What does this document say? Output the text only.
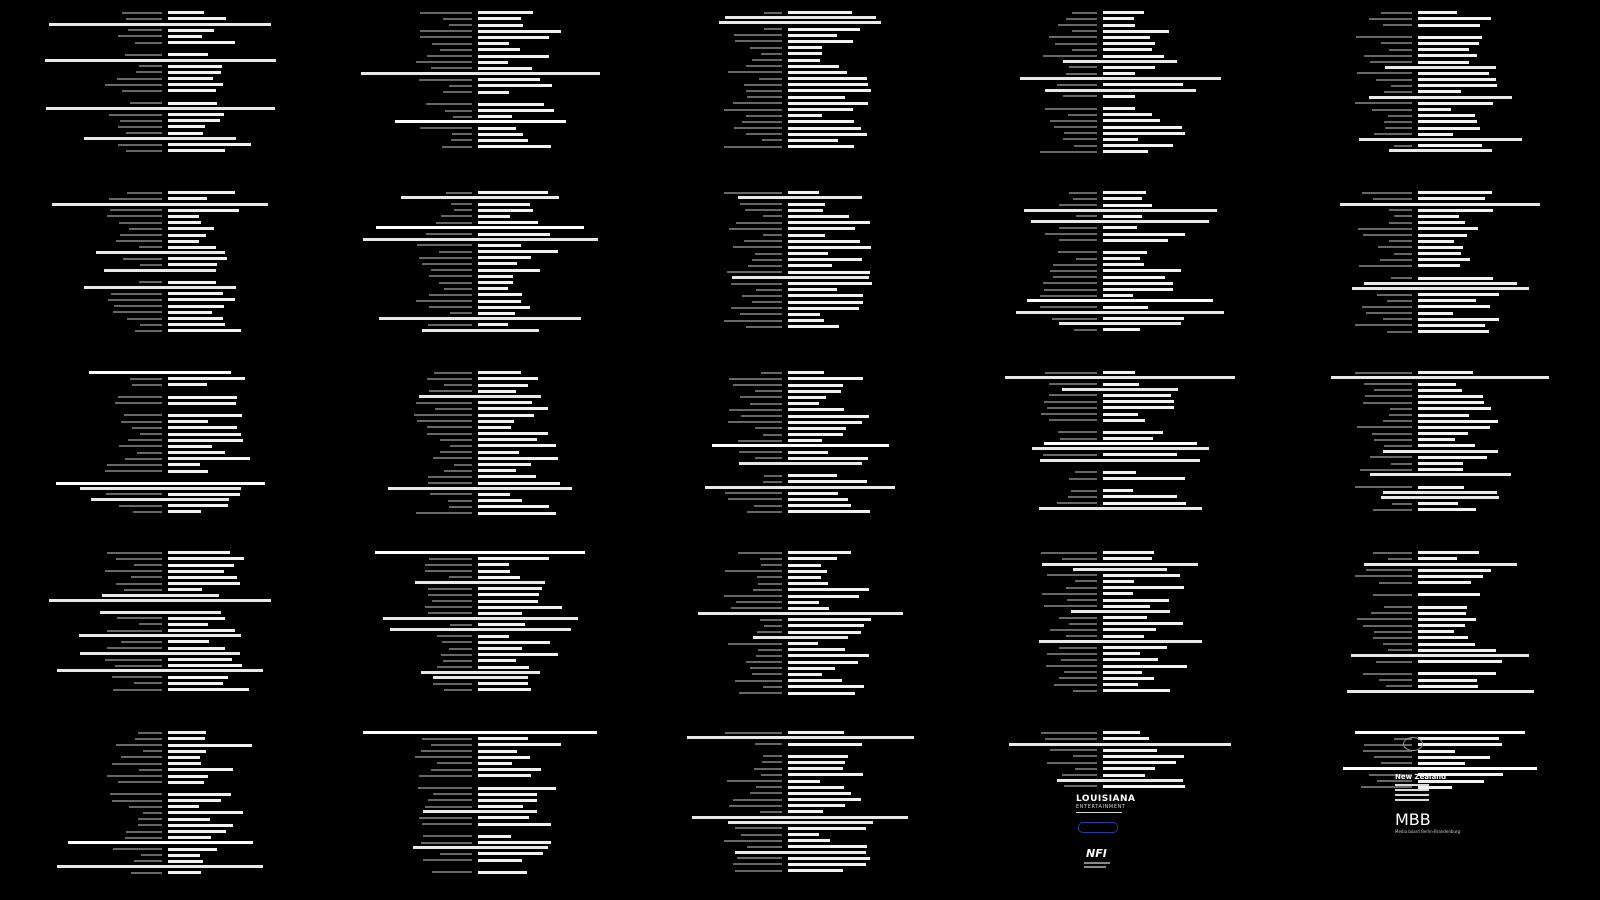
LOUISIANA
ENTERTAINMENT
NFI
New Zealand
MBB
Media board Berlin-Brandenburg
